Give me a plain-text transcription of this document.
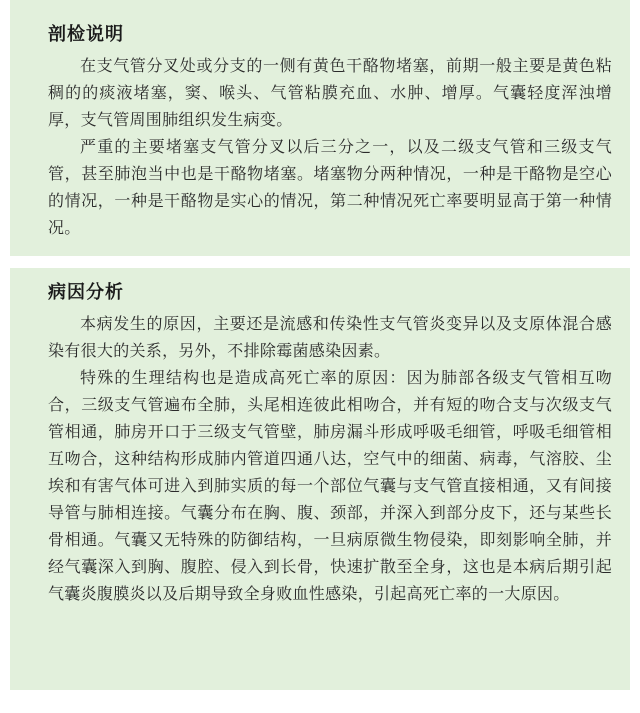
剖检说明

在支气管分叉处或分支的一侧有黄色干酪物堵塞，前期一般主要是黄色粘稠的的痰液堵塞，窦、喉头、气管粘膜充血、水肿、增厚。气囊轻度浑浊增厚，支气管周围肺组织发生病变。

严重的主要堵塞支气管分叉以后三分之一，以及二级支气管和三级支气管，甚至肺泡当中也是干酪物堵塞。堵塞物分两种情况，一种是干酪物是空心的情况，一种是干酪物是实心的情况，第二种情况死亡率要明显高于第一种情况。

病因分析

本病发生的原因，主要还是流感和传染性支气管炎变异以及支原体混合感染有很大的关系，另外，不排除霉菌感染因素。

特殊的生理结构也是造成高死亡率的原因：因为肺部各级支气管相互吻合，三级支气管遍布全肺，头尾相连彼此相吻合，并有短的吻合支与次级支气管相通，肺房开口于三级支气管壁，肺房漏斗形成呼吸毛细管，呼吸毛细管相互吻合，这种结构形成肺内管道四通八达，空气中的细菌、病毒，气溶胶、尘埃和有害气体可进入到肺实质的每一个部位气囊与支气管直接相通，又有间接导管与肺相连接。气囊分布在胸、腹、颈部，并深入到部分皮下，还与某些长骨相通。气囊又无特殊的防御结构，一旦病原微生物侵染，即刻影响全肺，并经气囊深入到胸、腹腔、侵入到长骨，快速扩散至全身，这也是本病后期引起气囊炎腹膜炎以及后期导致全身败血性感染，引起高死亡率的一大原因。
